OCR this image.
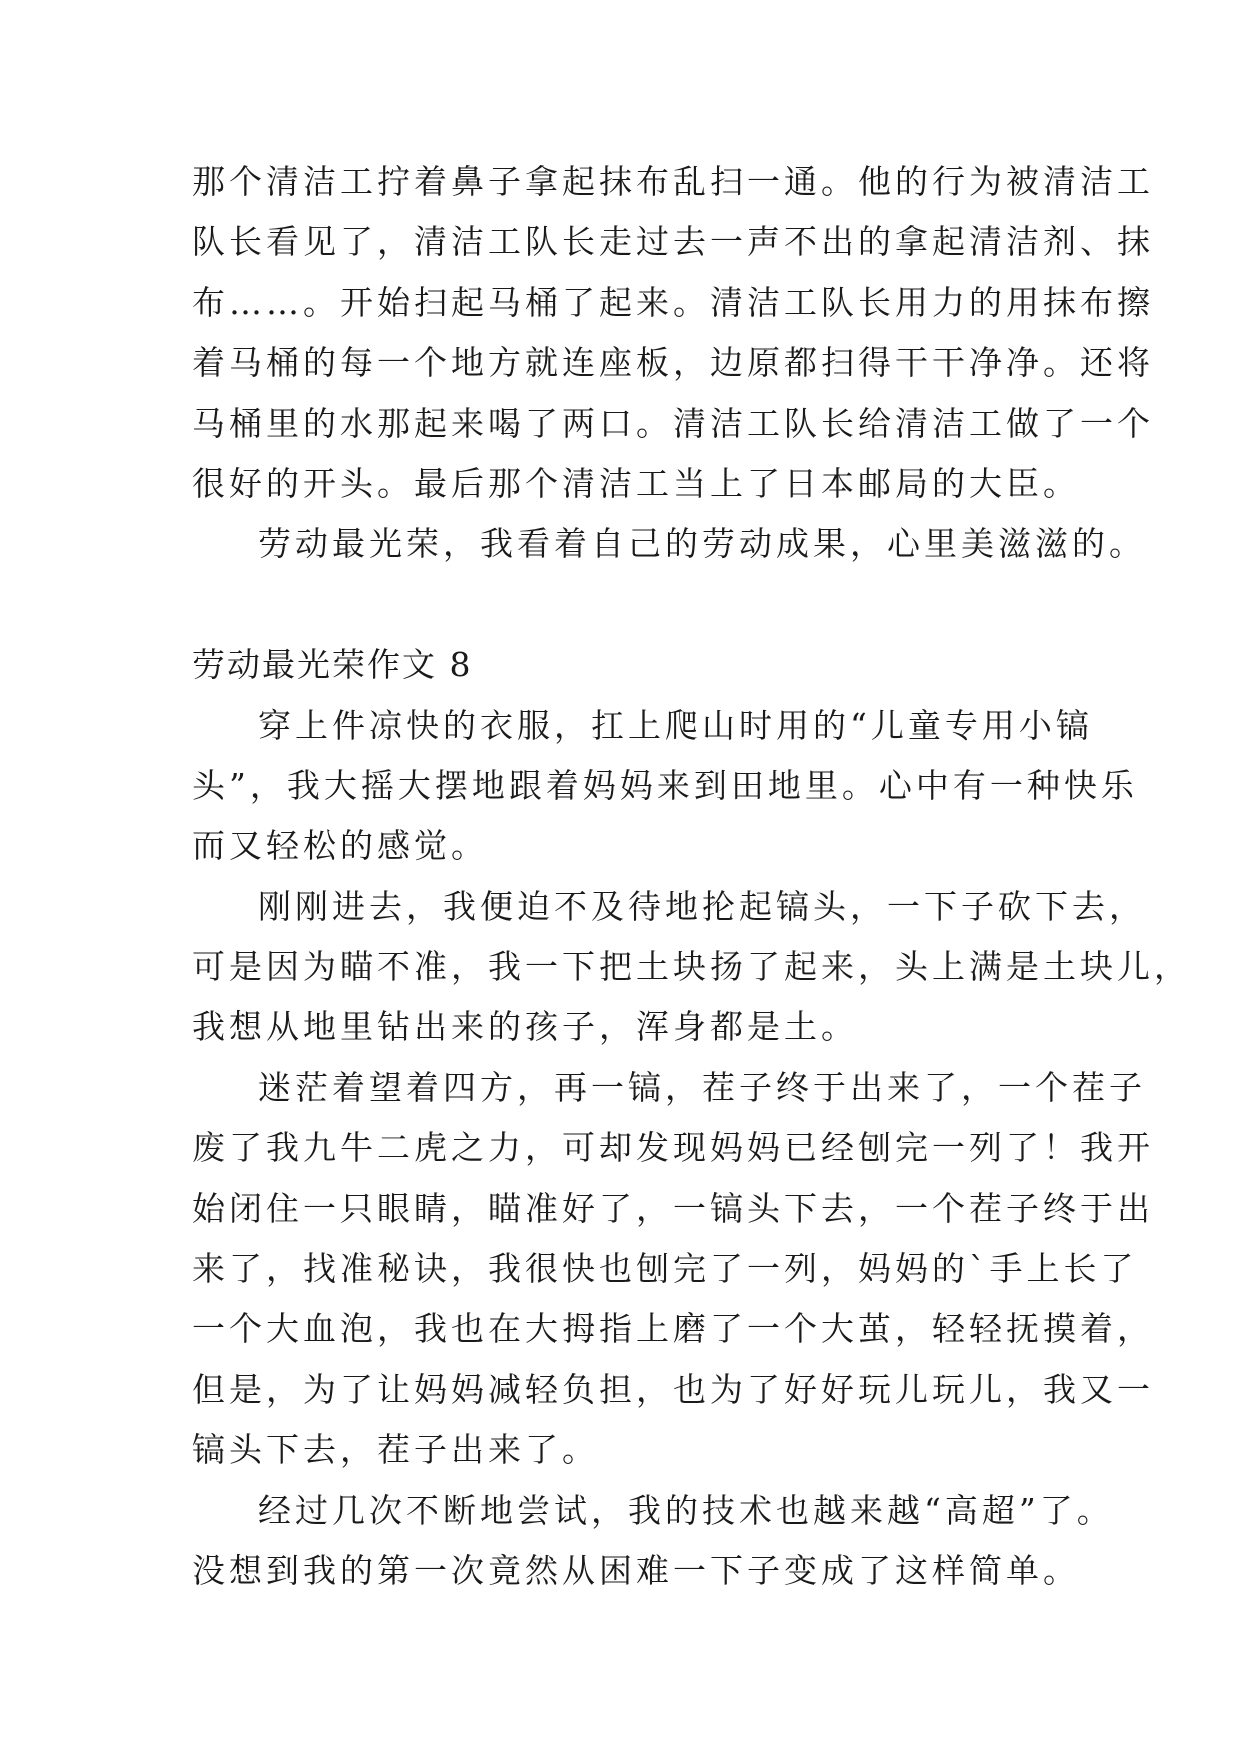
那个清洁工拧着鼻子拿起抹布乱扫一通。他的行为被清洁工

队长看见了，清洁工队长走过去一声不出的拿起清洁剂、抹

布……。开始扫起马桶了起来。清洁工队长用力的用抹布擦

着马桶的每一个地方就连座板，边原都扫得干干净净。还将

马桶里的水那起来喝了两口。清洁工队长给清洁工做了一个

很好的开头。最后那个清洁工当上了日本邮局的大臣。

劳动最光荣，我看着自己的劳动成果，心里美滋滋的。

劳动最光荣作文 8

穿上件凉快的衣服，扛上爬山时用的“儿童专用小镐

头”，我大摇大摆地跟着妈妈来到田地里。心中有一种快乐

而又轻松的感觉。

刚刚进去，我便迫不及待地抡起镐头，一下子砍下去，

可是因为瞄不准，我一下把土块扬了起来，头上满是土块儿，

我想从地里钻出来的孩子，浑身都是土。

迷茫着望着四方，再一镐，茬子终于出来了，一个茬子

废了我九牛二虎之力，可却发现妈妈已经刨完一列了！我开

始闭住一只眼睛，瞄准好了，一镐头下去，一个茬子终于出

来了，找准秘诀，我很快也刨完了一列，妈妈的`手上长了

一个大血泡，我也在大拇指上磨了一个大茧，轻轻抚摸着，

但是，为了让妈妈减轻负担，也为了好好玩儿玩儿，我又一

镐头下去，茬子出来了。

经过几次不断地尝试，我的技术也越来越“高超”了。

没想到我的第一次竟然从困难一下子变成了这样简单。
